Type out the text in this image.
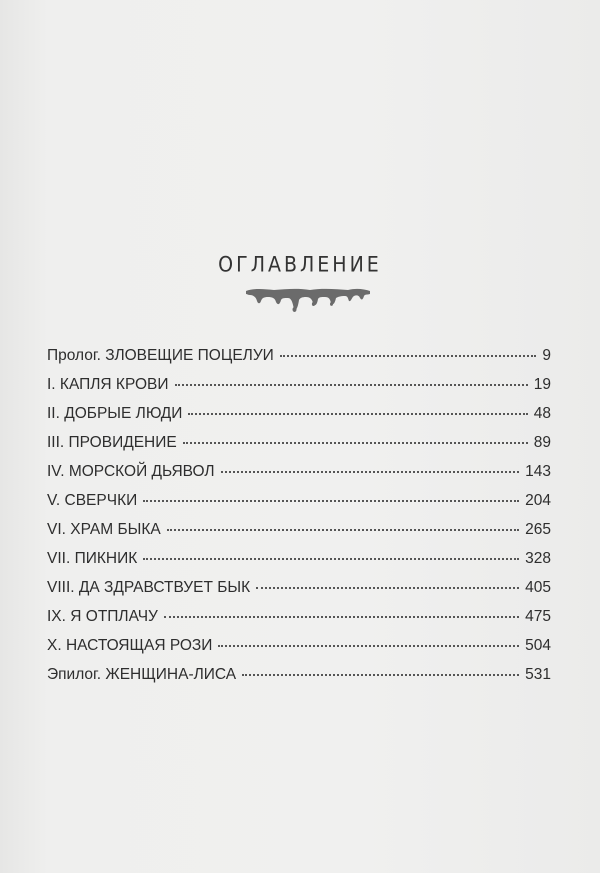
ОГЛАВЛЕНИЕ
Пролог. ЗЛОВЕЩИЕ ПОЦЕЛУИ	9
I. КАПЛЯ КРОВИ	19
II. ДОБРЫЕ ЛЮДИ	48
III. ПРОВИДЕНИЕ	89
IV. МОРСКОЙ ДЬЯВОЛ	143
V. СВЕРЧКИ	204
VI. ХРАМ БЫКА	265
VII. ПИКНИК	328
VIII. ДА ЗДРАВСТВУЕТ БЫК	405
IX. Я ОТПЛАЧУ	475
X. НАСТОЯЩАЯ РОЗИ	504
Эпилог. ЖЕНЩИНА-ЛИСА	531
